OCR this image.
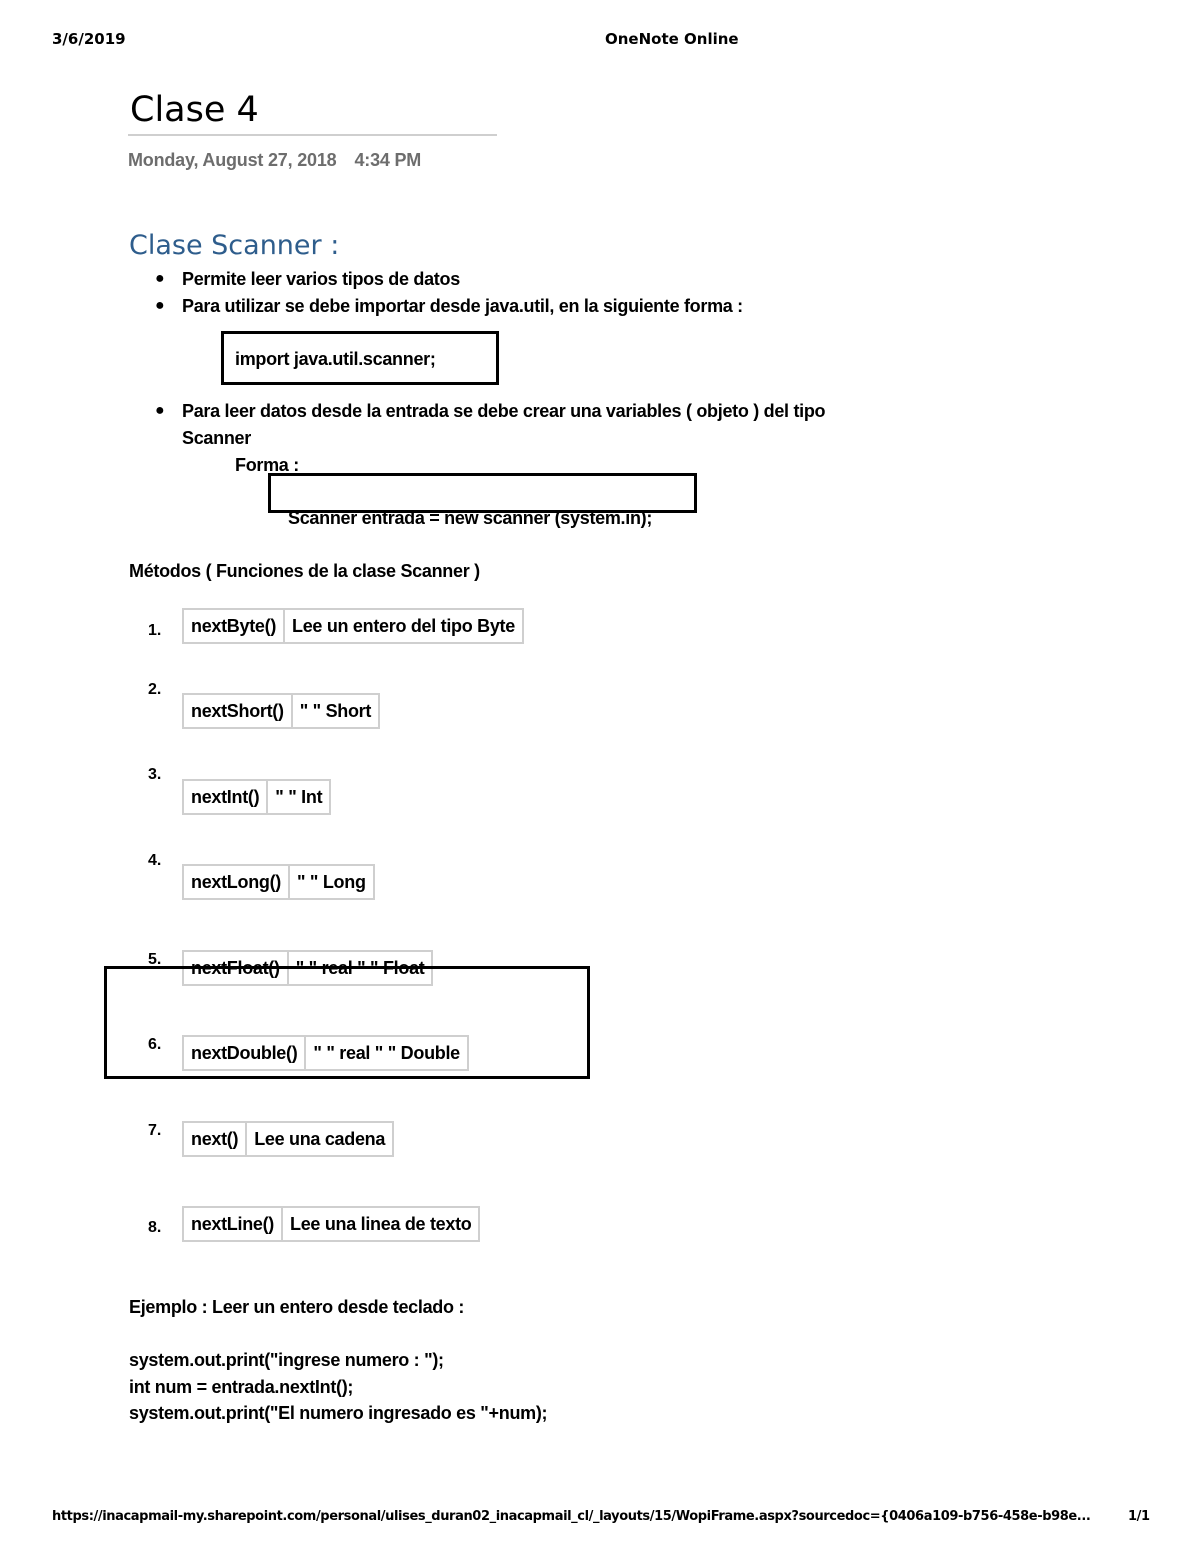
3/6/2019	OneNote Online
Clase 4
Monday, August 27, 2018 4:34 PM
Clase Scanner :
● Permite leer varios tipos de datos
● Para utilizar se debe importar desde java.util, en la siguiente forma :
import java.util.scanner;
● Para leer datos desde la entrada se debe crear una variables ( objeto ) del tipo
Scanner
Forma :
Scanner entrada = new scanner (system.in);
Métodos ( Funciones de la clase Scanner )
1.	nextByte() Lee un entero del tipo Byte
2.
nextShort() " " Short
3.
nextInt() " " Int
4.
nextLong() " " Long
5.	nextFloat() " " real " " Float
6.	nextDouble() " " real " " Double
7.	next() Lee una cadena
8.	nextLine() Lee una linea de texto
Ejemplo : Leer un entero desde teclado :
system.out.print("ingrese numero : ");
int num = entrada.nextInt();
system.out.print("El numero ingresado es "+num);
https://inacapmail-my.sharepoint.com/personal/ulises_duran02_inacapmail_cl/_layouts/15/WopiFrame.aspx?sourcedoc={0406a109-b756-458e-b98e...	1/1
